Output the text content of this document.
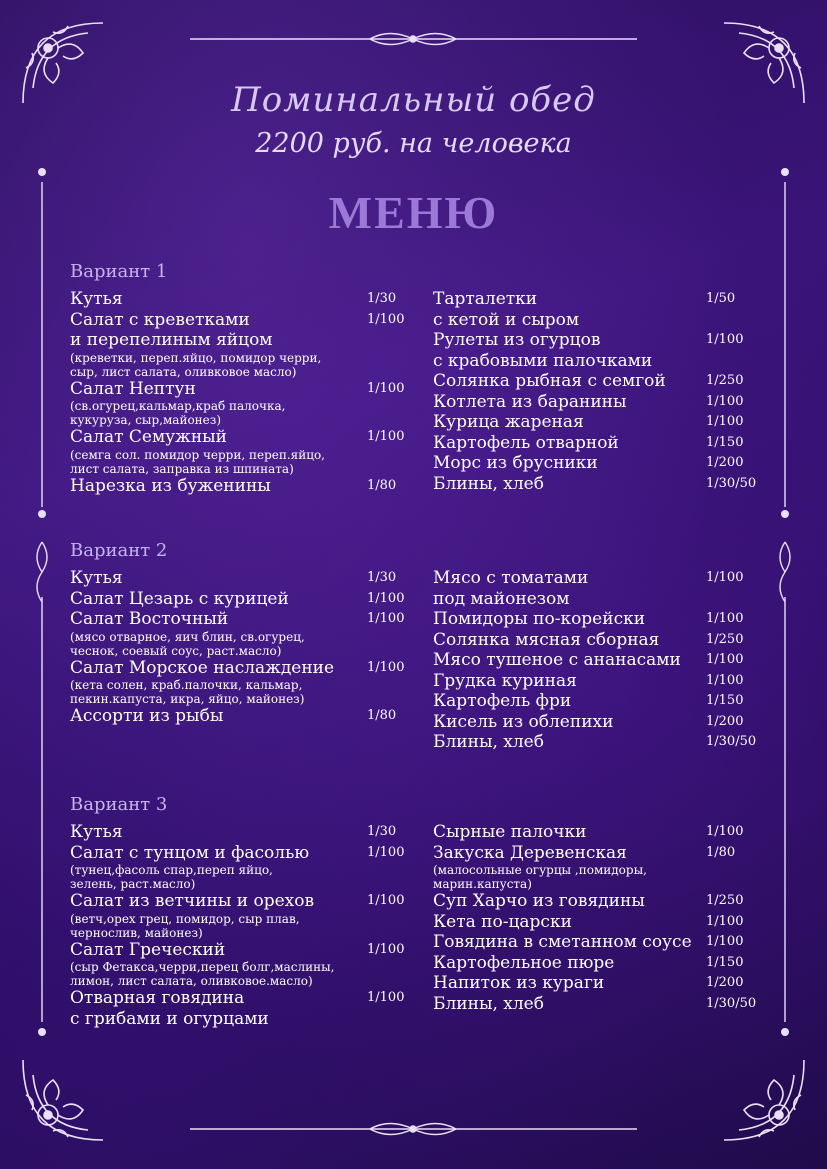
Поминальный обед
2200 руб. на человека
МЕНЮ
Вариант 1
Кутья	1/30
Салат с креветками
и перепелиным яйцом
(креветки, переп.яйцо, помидор черри,
сыр, лист салата, оливковое масло)
1/100
Салат Нептун
(св.огурец,кальмар,краб палочка,
кукуруза, сыр,майонез)
1/100
Салат Семужный
(семга сол. помидор черри, переп.яйцо,
лист салата, заправка из шпината)
1/100
Нарезка из буженины	1/80
Тарталетки
с кетой и сыром
1/50
Рулеты из огурцов
с крабовыми палочками
1/100
Солянка рыбная с семгой	1/250
Котлета из баранины	1/100
Курица жареная	1/100
Картофель отварной	1/150
Морс из брусники	1/200
Блины, хлеб	1/30/50
Вариант 2
Кутья	1/30
Салат Цезарь с курицей	1/100
Салат Восточный
(мясо отварное, яич блин, св.огурец,
чеснок, соевый соус, раст.масло)
1/100
Салат Морское наслаждение
(кета солен, краб.палочки, кальмар,
пекин.капуста, икра, яйцо, майонез)
1/100
Ассорти из рыбы	1/80
Мясо с томатами
под майонезом
1/100
Помидоры по-корейски	1/100
Солянка мясная сборная	1/250
Мясо тушеное с ананасами	1/100
Грудка куриная	1/100
Картофель фри	1/150
Кисель из облепихи	1/200
Блины, хлеб	1/30/50
Вариант 3
Кутья	1/30
Салат с тунцом и фасолью
(тунец,фасоль спар,переп яйцо,
зелень, раст.масло)
1/100
Салат из ветчины и орехов
(ветч,орех грец, помидор, сыр плав,
чернослив, майонез)
1/100
Салат Греческий
(сыр Фетакса,черри,перец болг,маслины,
лимон, лист салата, оливковое.масло)
1/100
Отварная говядина
с грибами и огурцами
1/100
Сырные палочки	1/100
Закуска Деревенская
(малосольные огурцы ,помидоры,
марин.капуста)
1/80
Суп Харчо из говядины	1/250
Кета по-царски	1/100
Говядина в сметанном соусе	1/100
Картофельное пюре	1/150
Напиток из кураги	1/200
Блины, хлеб	1/30/50
